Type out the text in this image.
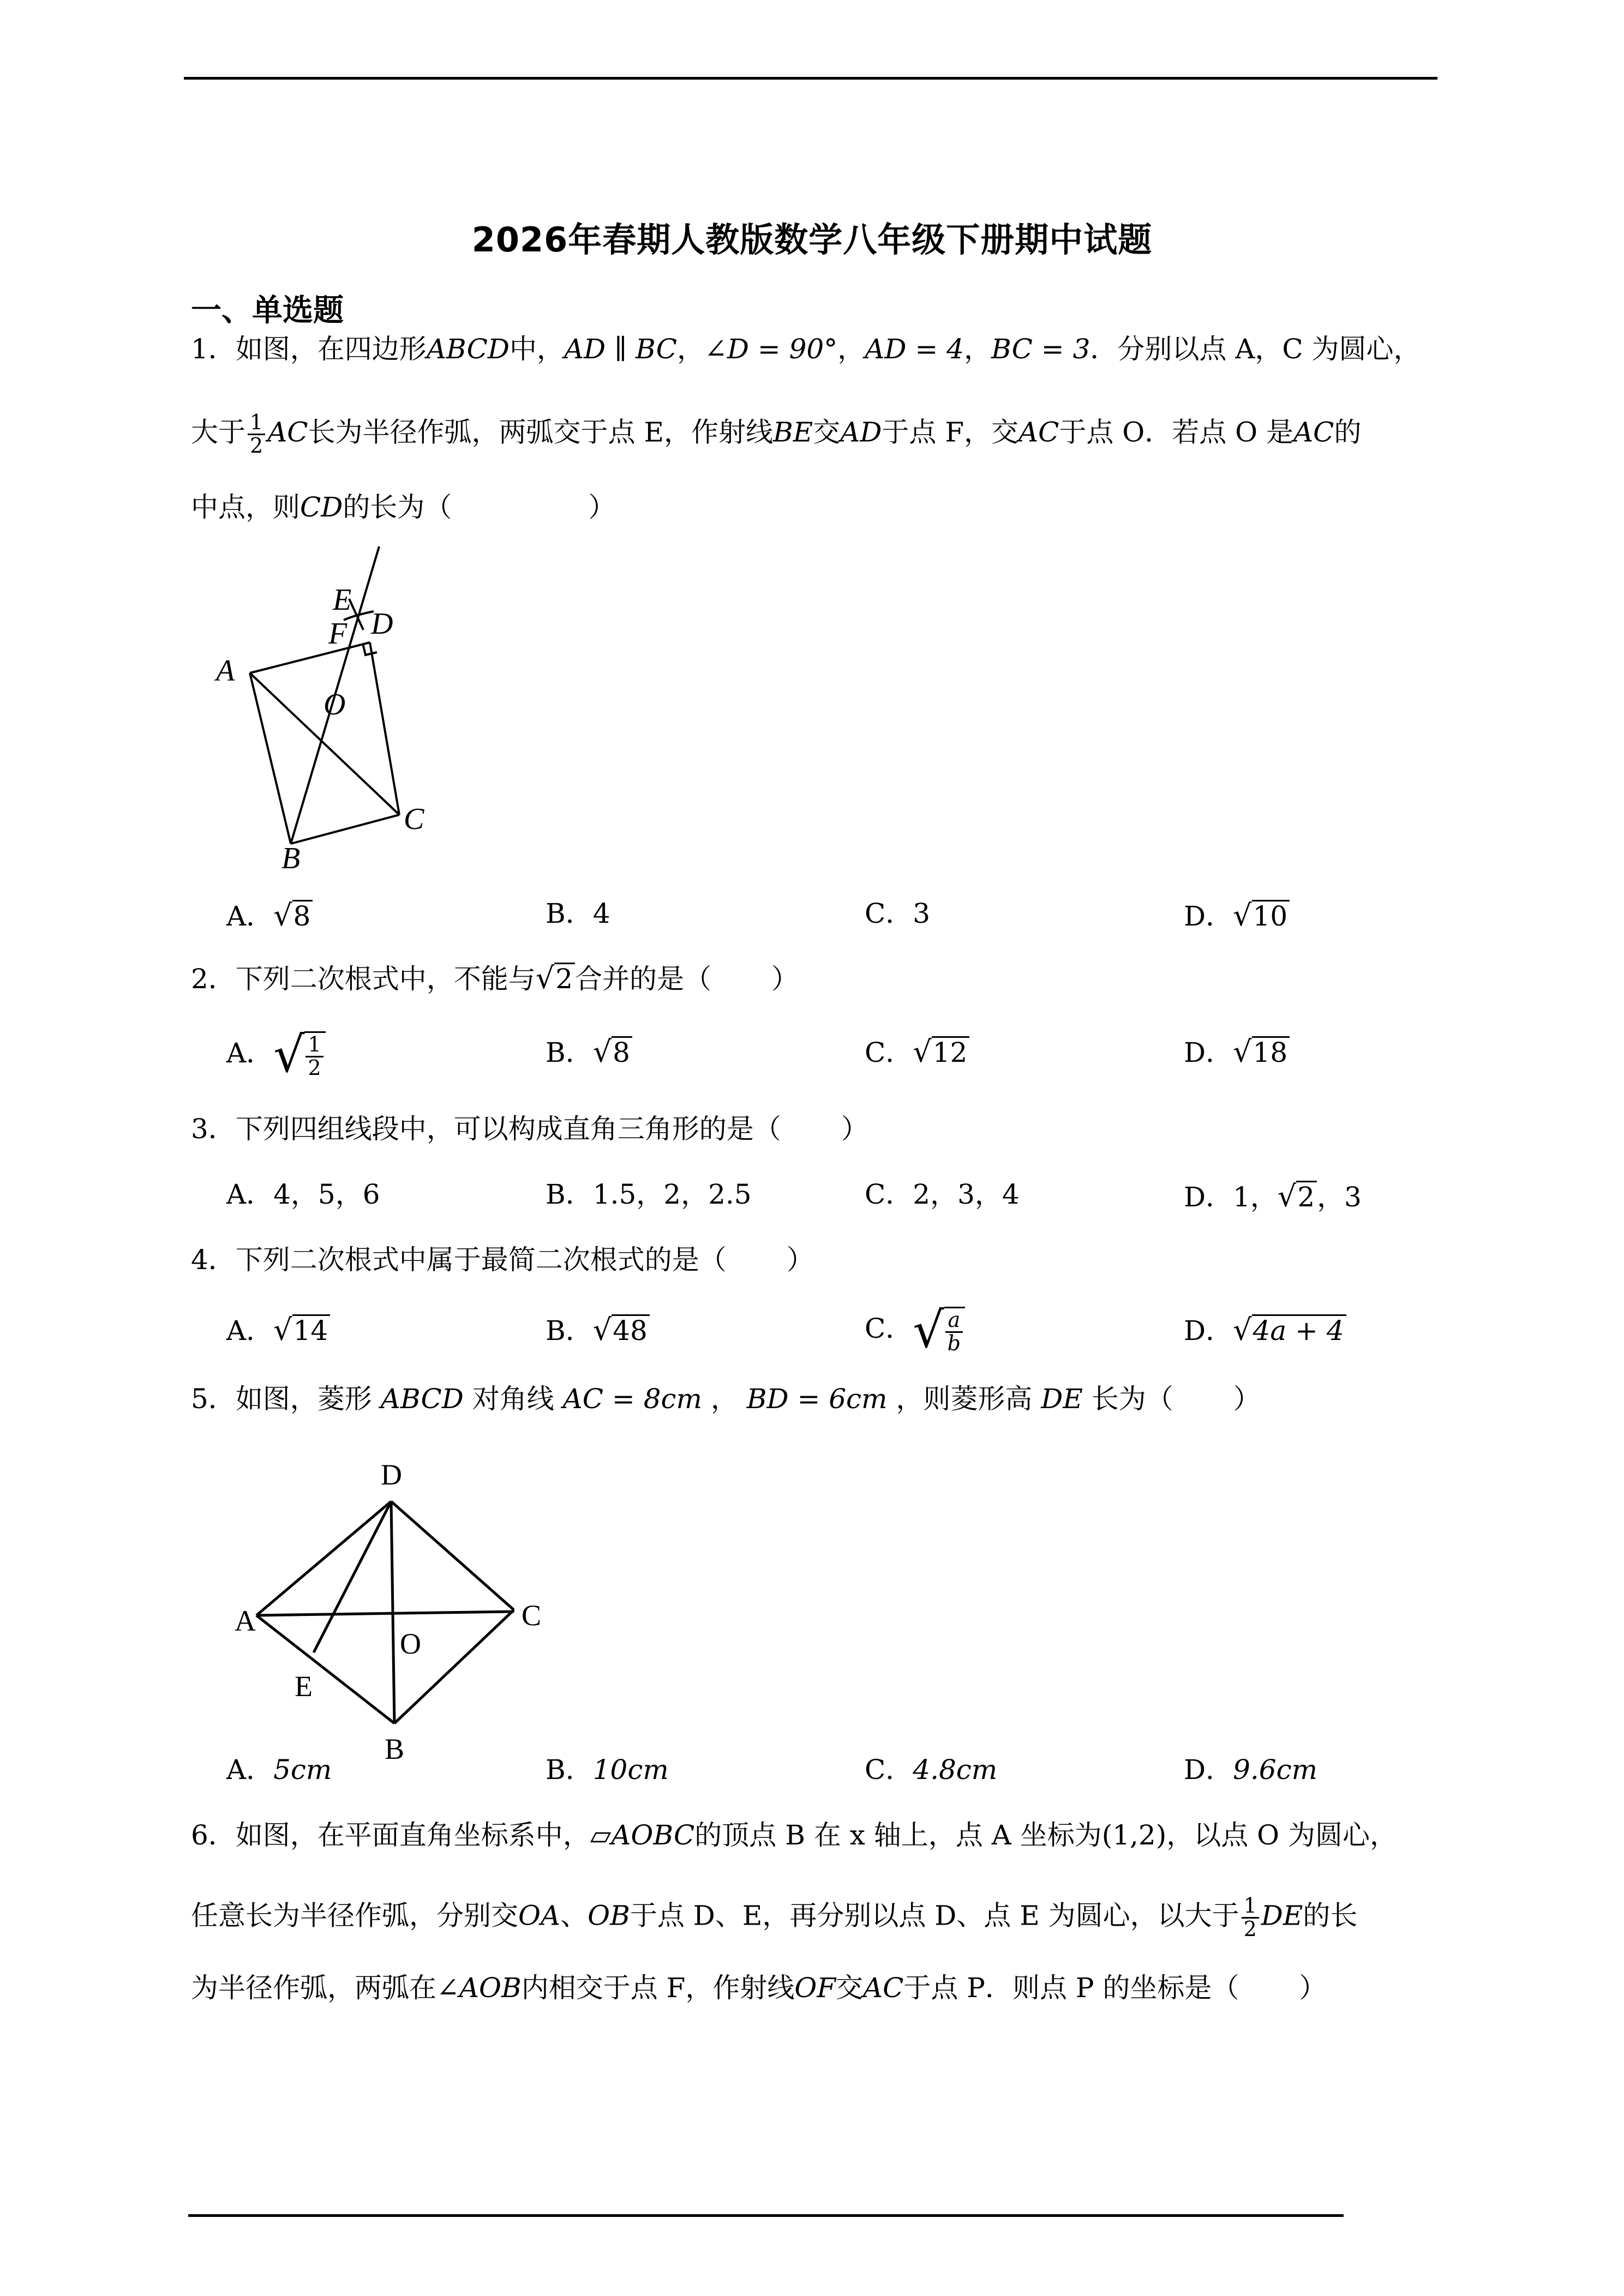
2026年春期人教版数学八年级下册期中试题
一、单选题
1．如图，在四边形ABCD中，AD ∥ BC，∠D = 90°，AD = 4，BC = 3．分别以点 A，C 为圆心，
大于 $\frac{1}{2}$ AC长为半径作弧，两弧交于点 E，作射线BE交AD于点 F，交AC于点 O．若点 O 是AC的
中点，则CD的长为（	）
E
F D
A
O
C
B
A．√8	B．4	C．3	D．√10
2．下列二次根式中，不能与√2合并的是（ ）
A．√ $\frac{1}{2}$	B．√8	C．√12	D．√18
3．下列四组线段中，可以构成直角三角形的是（ ）
A．4，5，6	B．1.5，2，2.5	C．2，3，4	D．1，√2，3
4．下列二次根式中属于最简二次根式的是（ ）
A．√14	B．√48	C．√ $\frac{a}{b}$	D．√4a + 4
5．如图，菱形 ABCD 对角线 AC = 8cm ， BD = 6cm ，则菱形高 DE 长为（ ）
D
A
O
C
E
B
A．5cm	B．10cm	C．4.8cm	D．9.6cm
6．如图，在平面直角坐标系中，▱AOBC的顶点 B 在 x 轴上，点 A 坐标为(1,2)，以点 O 为圆心，
任意长为半径作弧，分别交OA、OB于点 D、E，再分别以点 D、点 E 为圆心，以大于 $\frac{1}{2}$ DE的长
为半径作弧，两弧在∠AOB内相交于点 F，作射线OF交AC于点 P．则点 P 的坐标是（ ）
